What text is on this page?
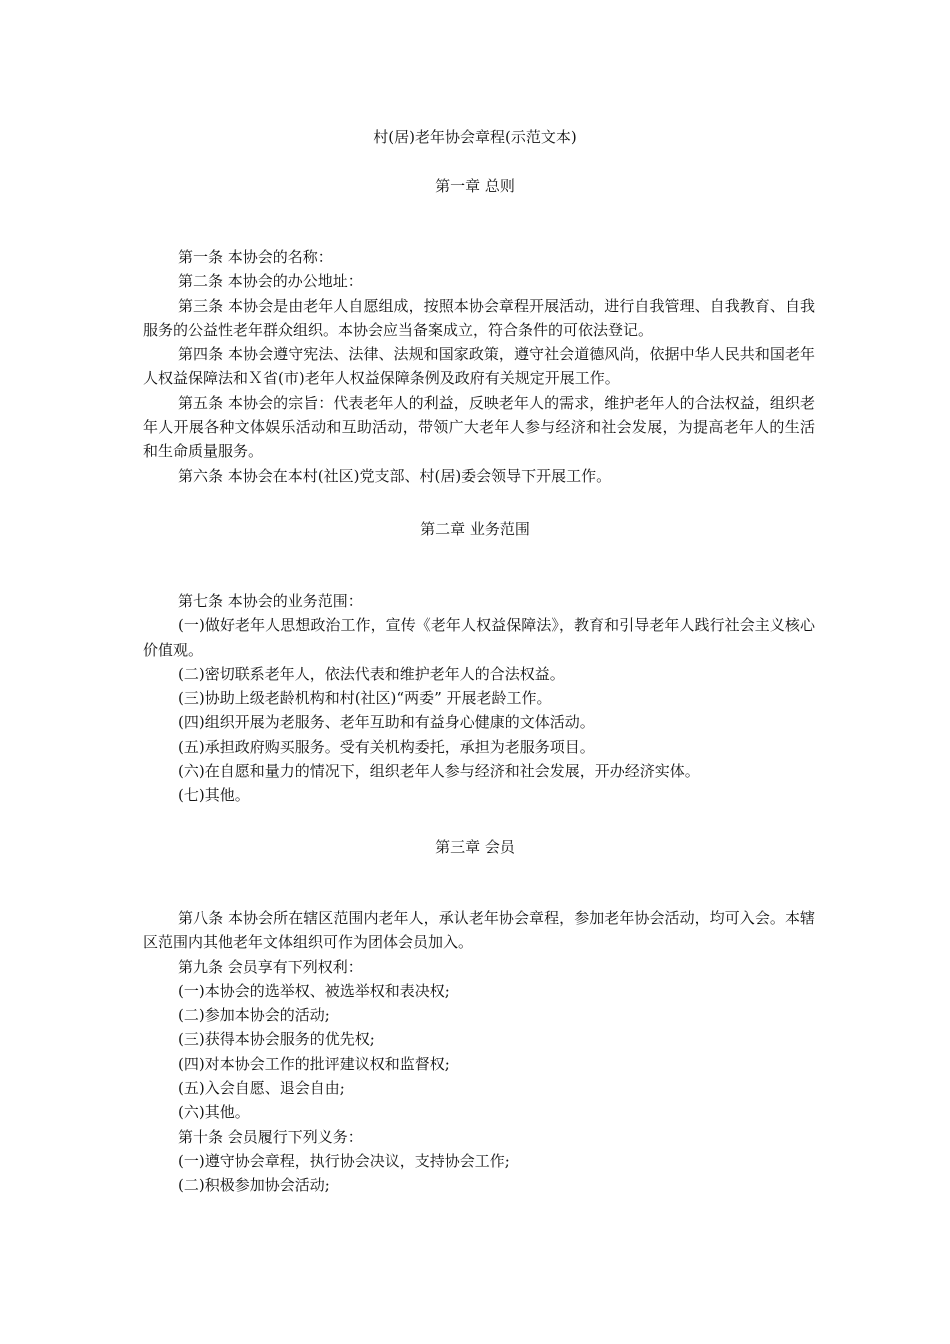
村(居)老年协会章程(示范文本)
第一章 总则

第一条 本协会的名称：

第二条 本协会的办公地址：

第三条 本协会是由老年人自愿组成，按照本协会章程开展活动，进行自我管理、自我教育、自我服务的公益性老年群众组织。本协会应当备案成立，符合条件的可依法登记。

第四条 本协会遵守宪法、法律、法规和国家政策，遵守社会道德风尚，依据中华人民共和国老年人权益保障法和Ｘ省(市)老年人权益保障条例及政府有关规定开展工作。

第五条 本协会的宗旨：代表老年人的利益，反映老年人的需求，维护老年人的合法权益，组织老年人开展各种文体娱乐活动和互助活动，带领广大老年人参与经济和社会发展，为提高老年人的生活和生命质量服务。

第六条 本协会在本村(社区)党支部、村(居)委会领导下开展工作。

第二章 业务范围

第七条 本协会的业务范围：

(一)做好老年人思想政治工作，宣传《老年人权益保障法》，教育和引导老年人践行社会主义核心价值观。

(二)密切联系老年人，依法代表和维护老年人的合法权益。

(三)协助上级老龄机构和村(社区)“两委” 开展老龄工作。

(四)组织开展为老服务、老年互助和有益身心健康的文体活动。

(五)承担政府购买服务。受有关机构委托，承担为老服务项目。

(六)在自愿和量力的情况下，组织老年人参与经济和社会发展，开办经济实体。

(七)其他。

第三章 会员

第八条 本协会所在辖区范围内老年人，承认老年协会章程，参加老年协会活动，均可入会。本辖区范围内其他老年文体组织可作为团体会员加入。

第九条 会员享有下列权利：

(一)本协会的选举权、被选举权和表决权;

(二)参加本协会的活动;

(三)获得本协会服务的优先权;

(四)对本协会工作的批评建议权和监督权;

(五)入会自愿、退会自由;

(六)其他。

第十条 会员履行下列义务：

(一)遵守协会章程，执行协会决议，支持协会工作;

(二)积极参加协会活动;
